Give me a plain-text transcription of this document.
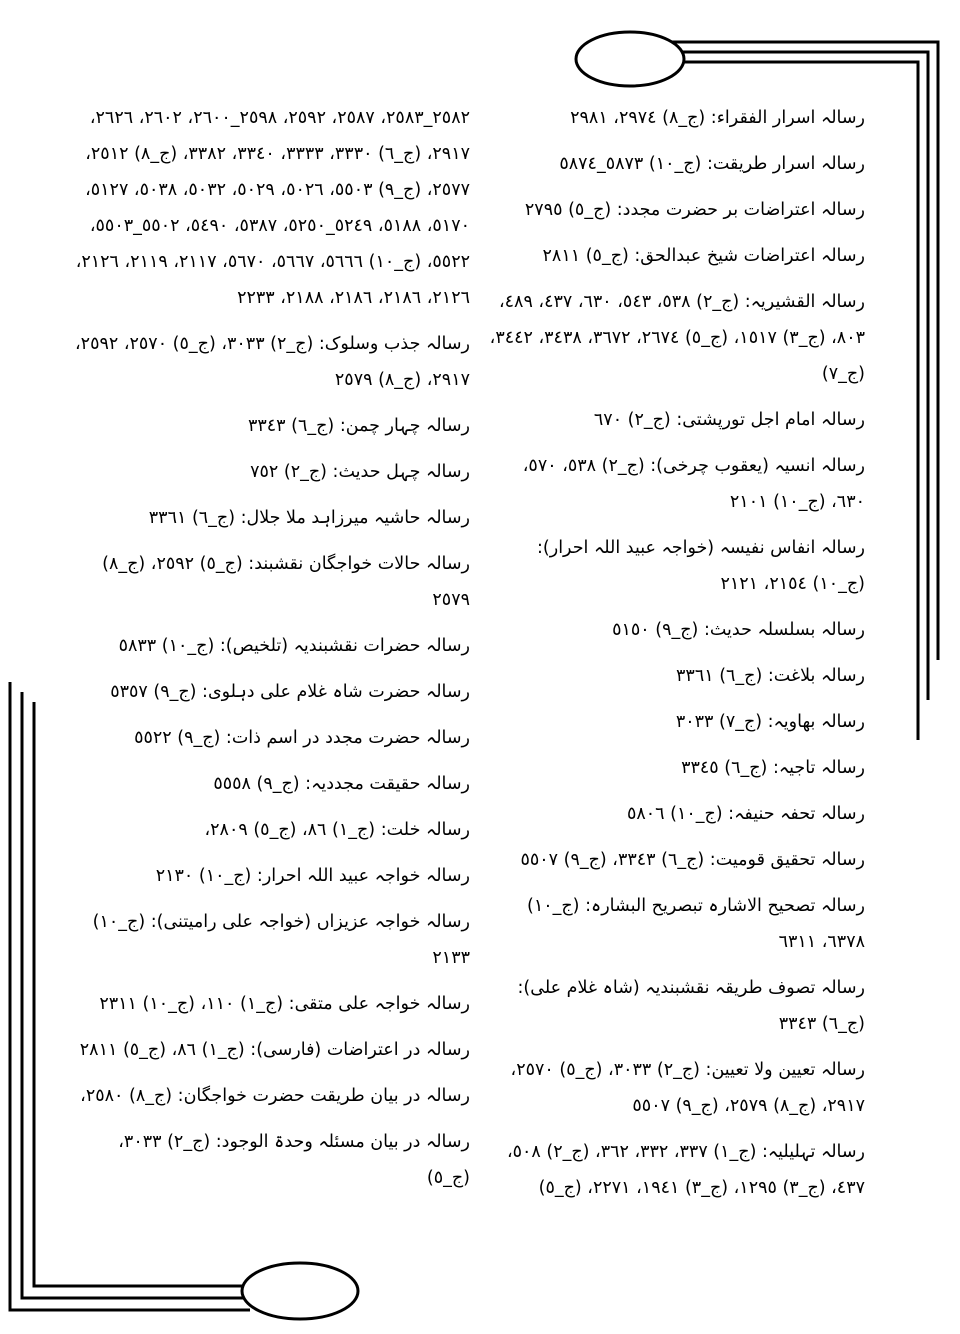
رسالہ اسرار الفقراء: (ج_٨) ٢٩٧٤، ٢٩٨١
رسالہ اسرار طریقت: (ج_١٠) ٥٨٧٣_٥٨٧٤
رسالہ اعتراضات بر حضرت مجدد: (ج_٥) ٢٧٩٥
رسالہ اعتراضات شیخ عبدالحق: (ج_٥) ٢٨١١
رسالہ القشیریہ: (ج_٢) ٥٣٨، ٥٤٣، ٦٣٠، ٤٣٧، ٤٨٩، ٨٠٣، (ج_٣) ١٥١٧، (ج_٥) ٢٦٧٤، ٣٦٧٢، ٣٤٣٨، ٣٤٤٢، (ج_٧)
رسالہ امام اجل تورپشتی: (ج_٢) ٦٧٠
رسالہ انسیہ (یعقوب چرخی): (ج_٢) ٥٣٨، ٥٧٠، ٦٣٠، (ج_١٠) ٢١٠١
رسالہ انفاس نفیسہ (خواجہ عبید اللہ احرار): (ج_١٠) ٢١٥٤، ٢١٢١
رسالہ بسلسلہ حدیث: (ج_٩) ٥١٥٠
رسالہ بلاغت: (ج_٦) ٣٣٦١
رسالہ بھاویہ: (ج_٧) ٣٠٣٣
رسالہ تاجیہ: (ج_٦) ٣٣٤٥
رسالہ تحفہ حنیفہ: (ج_١٠) ٥٨٠٦
رسالہ تحقیق قومیت: (ج_٦) ٣٣٤٣، (ج_٩) ٥٥٠٧
رسالہ تصحیح الاشارہ تبصریح البشارہ: (ج_١٠) ٦٣٧٨، ٦٣١١
رسالہ تصوف طریقہ نقشبندیہ (شاہ غلام علی): (ج_٦) ٣٣٤٣
رسالہ تعیین ولا تعیین: (ج_٢) ٣٠٣٣، (ج_٥) ٢٥٧٠، ٢٩١٧، (ج_٨) ٢٥٧٩، (ج_٩) ٥٥٠٧
رسالہ تہلیلیہ: (ج_١) ٣٣٧، ٣٣٢، ٣٦٢، (ج_٢) ٥٠٨، ٤٣٧، (ج_٣) ١٢٩٥، (ج_٣) ١٩٤١، ٢٢٧١، (ج_٥)
٢٥٨٢_٢٥٨٣، ٢٥٨٧، ٢٥٩٢، ٢٥٩٨_٢٦٠٠، ٢٦٠٢، ٢٦٢٦، ٢٩١٧، (ج_٦) ٣٣٣٠، ٣٣٣٣، ٣٣٤٠، ٣٣٨٢، (ج_٨) ٢٥١٢، ٢٥٧٧، (ج_٩) ٥٥٠٣، ٥٠٢٦، ٥٠٢٩، ٥٠٣٢، ٥٠٣٨، ٥١٢٧، ٥١٧٠، ٥١٨٨، ٥٢٤٩_٥٢٥٠، ٥٣٨٧، ٥٤٩٠، ٥٥٠٢_٥٥٠٣، ٥٥٢٢، (ج_١٠) ٥٦٦٦، ٥٦٦٧، ٥٦٧٠، ٢١١٧، ٢١١٩، ٢١٢٦، ٢١٢٦، ٢١٨٦، ٢١٨٦، ٢١٨٨، ٢٢٣٣
رسالہ جذب وسلوک: (ج_٢) ٣٠٣٣، (ج_٥) ٢٥٧٠، ٢٥٩٢، ٢٩١٧، (ج_٨) ٢٥٧٩
رسالہ چہار چمن: (ج_٦) ٣٣٤٣
رسالہ چہل حدیث: (ج_٢) ٧٥٢
رسالہ حاشیہ میرزاہد ملا جلال: (ج_٦) ٣٣٦١
رسالہ حالات خواجگان نقشبند: (ج_٥) ٢٥٩٢، (ج_٨) ٢٥٧٩
رسالہ حضرات نقشبندیہ (تلخیص): (ج_١٠) ٥٨٣٣
رسالہ حضرت شاہ غلام علی دہلوی: (ج_٩) ٥٣٥٧
رسالہ حضرت مجدد در اسم ذات: (ج_٩) ٥٥٢٢
رسالہ حقیقت مجددیہ: (ج_٩) ٥٥٥٨
رسالہ خلت: (ج_١) ٨٦، (ج_٥) ٢٨٠٩،
رسالہ خواجہ عبید اللہ احرار: (ج_١٠) ٢١٣٠
رسالہ خواجہ عزیزاں (خواجہ علی رامیتنی): (ج_١٠) ٢١٣٣
رسالہ خواجہ علی متقی: (ج_١) ١١٠، (ج_١٠) ٢٣١١
رسالہ در اعتراضات (فارسی): (ج_١) ٨٦، (ج_٥) ٢٨١١
رسالہ در بیان طریقت حضرت خواجگان: (ج_٨) ٢٥٨٠،
رسالہ در بیان مسئلہ وحدۃ الوجود: (ج_٢) ٣٠٣٣، (ج_٥)
